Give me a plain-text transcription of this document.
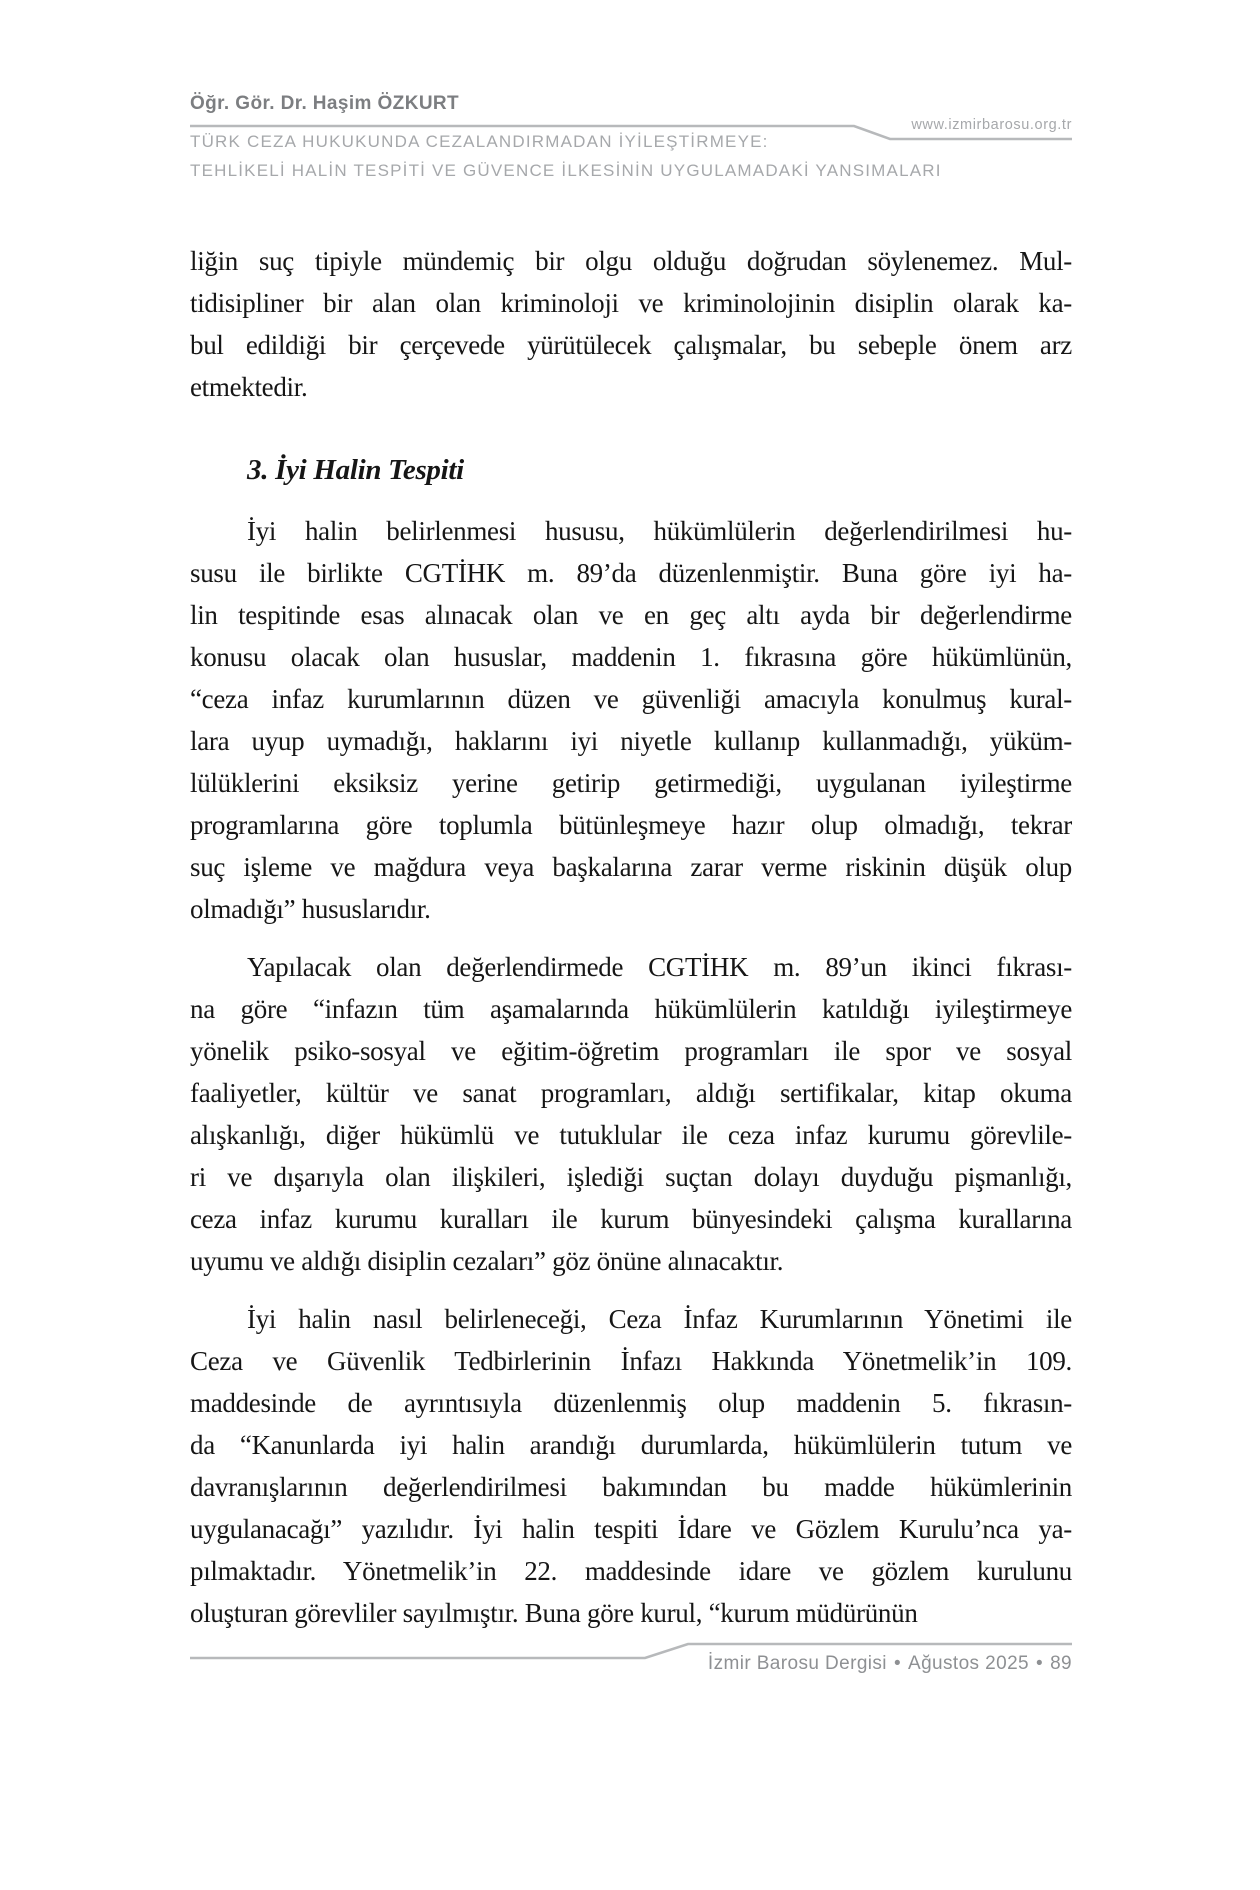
Öğr. Gör. Dr. Haşim ÖZKURT
www.izmirbarosu.org.tr
TÜRK CEZA HUKUKUNDA CEZALANDIRMADAN İYİLEŞTİRMEYE:
TEHLİKELİ HALİN TESPİTİ VE GÜVENCE İLKESİNİN UYGULAMADAKİ YANSIMALARI
liğin suç tipiyle mündemiç bir olgu olduğu doğrudan söylenemez. Mul-
tidisipliner bir alan olan kriminoloji ve kriminolojinin disiplin olarak ka-
bul edildiği bir çerçevede yürütülecek çalışmalar, bu sebeple önem arz
etmektedir.
3. İyi Halin Tespiti
İyi halin belirlenmesi hususu, hükümlülerin değerlendirilmesi hu-
susu ile birlikte CGTİHK m. 89’da düzenlenmiştir. Buna göre iyi ha-
lin tespitinde esas alınacak olan ve en geç altı ayda bir değerlendirme
konusu olacak olan hususlar, maddenin 1. fıkrasına göre hükümlünün,
“ceza infaz kurumlarının düzen ve güvenliği amacıyla konulmuş kural-
lara uyup uymadığı, haklarını iyi niyetle kullanıp kullanmadığı, yüküm-
lülüklerini eksiksiz yerine getirip getirmediği, uygulanan iyileştirme
programlarına göre toplumla bütünleşmeye hazır olup olmadığı, tekrar
suç işleme ve mağdura veya başkalarına zarar verme riskinin düşük olup
olmadığı” hususlarıdır.
Yapılacak olan değerlendirmede CGTİHK m. 89’un ikinci fıkrası-
na göre “infazın tüm aşamalarında hükümlülerin katıldığı iyileştirmeye
yönelik psiko-sosyal ve eğitim-öğretim programları ile spor ve sosyal
faaliyetler, kültür ve sanat programları, aldığı sertifikalar, kitap okuma
alışkanlığı, diğer hükümlü ve tutuklular ile ceza infaz kurumu görevlile-
ri ve dışarıyla olan ilişkileri, işlediği suçtan dolayı duyduğu pişmanlığı,
ceza infaz kurumu kuralları ile kurum bünyesindeki çalışma kurallarına
uyumu ve aldığı disiplin cezaları” göz önüne alınacaktır.
İyi halin nasıl belirleneceği, Ceza İnfaz Kurumlarının Yönetimi ile
Ceza ve Güvenlik Tedbirlerinin İnfazı Hakkında Yönetmelik’in 109.
maddesinde de ayrıntısıyla düzenlenmiş olup maddenin 5. fıkrasın-
da “Kanunlarda iyi halin arandığı durumlarda, hükümlülerin tutum ve
davranışlarının değerlendirilmesi bakımından bu madde hükümlerinin
uygulanacağı” yazılıdır. İyi halin tespiti İdare ve Gözlem Kurulu’nca ya-
pılmaktadır. Yönetmelik’in 22. maddesinde idare ve gözlem kurulunu
oluşturan görevliler sayılmıştır. Buna göre kurul, “kurum müdürünün
İzmir Barosu Dergisi • Ağustos 2025 • 89
